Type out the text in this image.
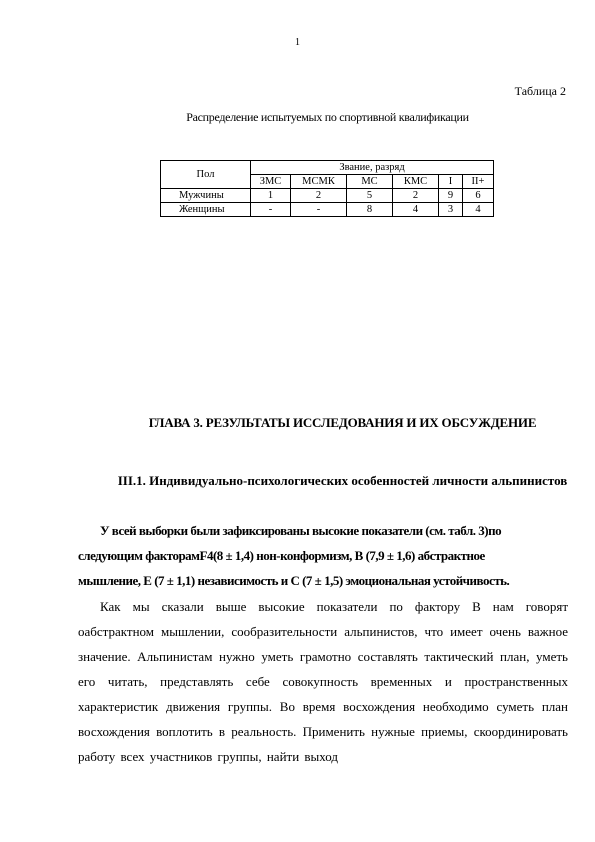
1
Таблица 2
Распределение испытуемых по спортивной квалификации
Пол	Звание, разряд					
	ЗМС	МСМК	МС	КМС	I	II+
Мужчины	1	2	5	2	9	6
Женщины	-	-	8	4	3	4
ГЛАВА 3. РЕЗУЛЬТАТЫ ИССЛЕДОВАНИЯ И ИХ ОБСУЖДЕНИЕ
III.1. Индивидуально-психологических особенностей личности альпинистов
У всей выборки были зафиксированы высокие показатели (см. табл. 3)по
следующим факторамF4(8 ± 1,4) нон-конформизм, В (7,9 ± 1,6) абстрактное
мышление, Е (7 ± 1,1) независимость и С (7 ± 1,5) эмоциональная устойчивость.
Как мы сказали выше высокие показатели по фактору В нам говорят оабстрактном мышлении, сообразительности альпинистов, что имеет очень важное значение. Альпинистам нужно уметь грамотно составлять тактический план, уметь его читать, представлять себе совокупность временных и пространственных характеристик движения группы. Во время восхождения необходимо суметь план восхождения воплотить в реальность. Применить нужные приемы, скоординировать работу всех участников группы, найти выход
